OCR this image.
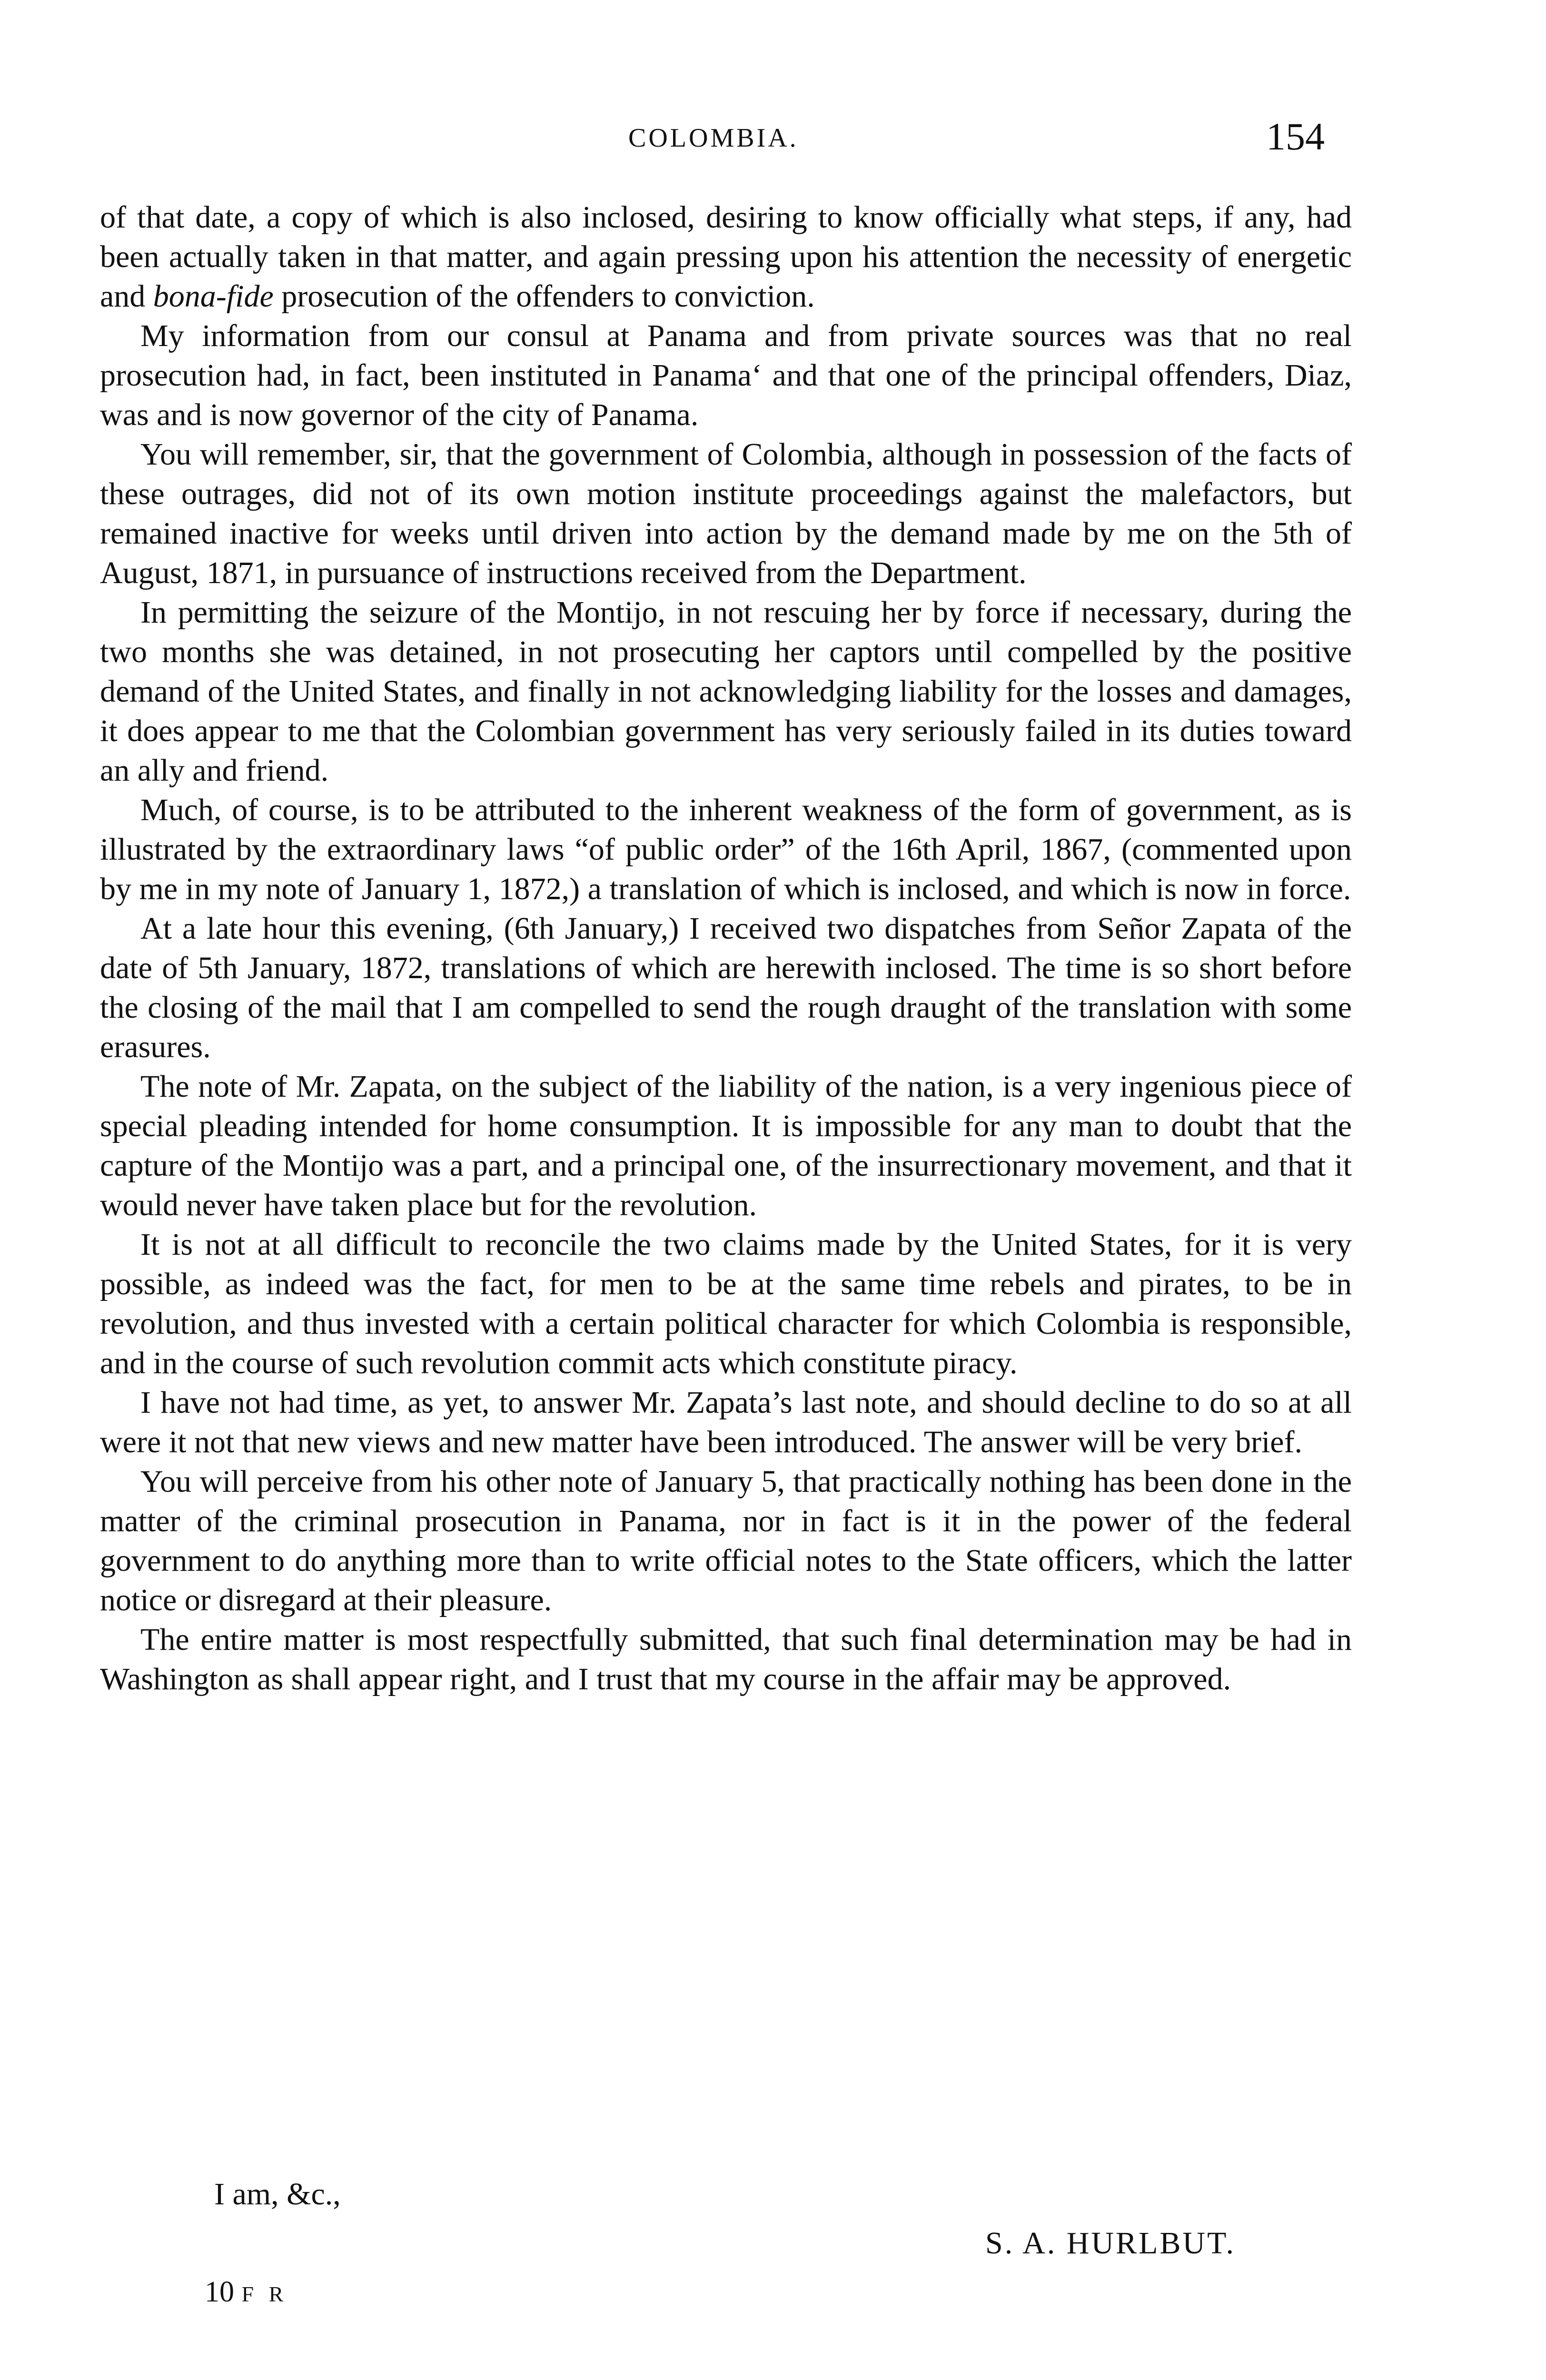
COLOMBIA.	154

of that date, a copy of which is also inclosed, desiring to know officially what steps, if any, had been actually taken in that matter, and again pressing upon his attention the necessity of energetic and bona-fide prosecution of the offenders to conviction.

My information from our consul at Panama and from private sources was that no real prosecution had, in fact, been instituted in Panama‘ and that one of the principal offenders, Diaz, was and is now governor of the city of Panama.

You will remember, sir, that the government of Colombia, although in possession of the facts of these outrages, did not of its own motion institute proceedings against the malefactors, but remained inactive for weeks until driven into action by the demand made by me on the 5th of August, 1871, in pursuance of instructions received from the Department.

In permitting the seizure of the Montijo, in not rescuing her by force if necessary, during the two months she was detained, in not prosecuting her captors until compelled by the positive demand of the United States, and finally in not acknowledging liability for the losses and damages, it does appear to me that the Colombian government has very seriously failed in its duties toward an ally and friend.

Much, of course, is to be attributed to the inherent weakness of the form of government, as is illustrated by the extraordinary laws “of public order” of the 16th April, 1867, (commented upon by me in my note of January 1, 1872,) a translation of which is inclosed, and which is now in force.

At a late hour this evening, (6th January,) I received two dispatches from Señor Zapata of the date of 5th January, 1872, translations of which are herewith inclosed. The time is so short before the closing of the mail that I am compelled to send the rough draught of the translation with some erasures.

The note of Mr. Zapata, on the subject of the liability of the nation, is a very ingenious piece of special pleading intended for home consumption. It is impossible for any man to doubt that the capture of the Montijo was a part, and a principal one, of the insurrectionary movement, and that it would never have taken place but for the revolution.

It is not at all difficult to reconcile the two claims made by the United States, for it is very possible, as indeed was the fact, for men to be at the same time rebels and pirates, to be in revolution, and thus invested with a certain political character for which Colombia is responsible, and in the course of such revolution commit acts which constitute piracy.

I have not had time, as yet, to answer Mr. Zapata’s last note, and should decline to do so at all were it not that new views and new matter have been introduced. The answer will be very brief.

You will perceive from his other note of January 5, that practically nothing has been done in the matter of the criminal prosecution in Panama, nor in fact is it in the power of the federal government to do anything more than to write official notes to the State officers, which the latter notice or disregard at their pleasure.

The entire matter is most respectfully submitted, that such final determination may be had in Washington as shall appear right, and I trust that my course in the affair may be approved.

I am, &c.,
S. A. HURLBUT.
10 F R
